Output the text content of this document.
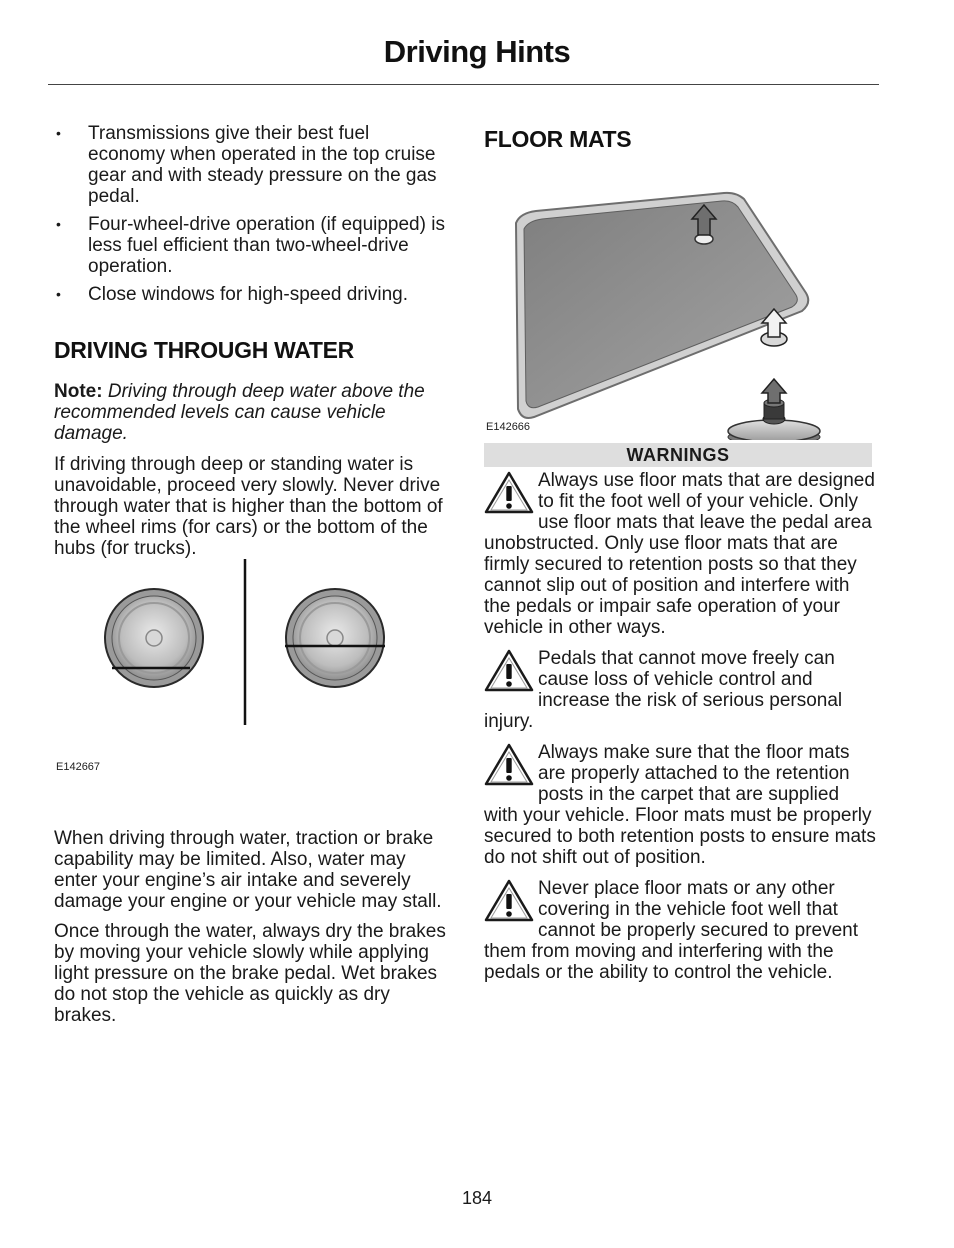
Driving Hints
• Transmissions give their best fuel economy when operated in the top cruise gear and with steady pressure on the gas pedal.
• Four-wheel-drive operation (if equipped) is less fuel efficient than two-wheel-drive operation.
• Close windows for high-speed driving.
DRIVING THROUGH WATER

Note: Driving through deep water above the recommended levels can cause vehicle damage.

If driving through deep or standing water is unavoidable, proceed very slowly. Never drive through water that is higher than the bottom of the wheel rims (for cars) or the bottom of the hubs (for trucks).

E142667

When driving through water, traction or brake capability may be limited. Also, water may enter your engine’s air intake and severely damage your engine or your vehicle may stall.

Once through the water, always dry the brakes by moving your vehicle slowly while applying light pressure on the brake pedal. Wet brakes do not stop the vehicle as quickly as dry brakes.

FLOOR MATS
E142666
WARNINGS
Always use floor mats that are designed to fit the foot well of your vehicle. Only use floor mats that leave the pedal area unobstructed. Only use floor mats that are firmly secured to retention posts so that they cannot slip out of position and interfere with the pedals or impair safe operation of your vehicle in other ways.
Pedals that cannot move freely can cause loss of vehicle control and increase the risk of serious personal injury.
Always make sure that the floor mats are properly attached to the retention posts in the carpet that are supplied with your vehicle. Floor mats must be properly secured to both retention posts to ensure mats do not shift out of position.
Never place floor mats or any other covering in the vehicle foot well that cannot be properly secured to prevent them from moving and interfering with the pedals or the ability to control the vehicle.
184
